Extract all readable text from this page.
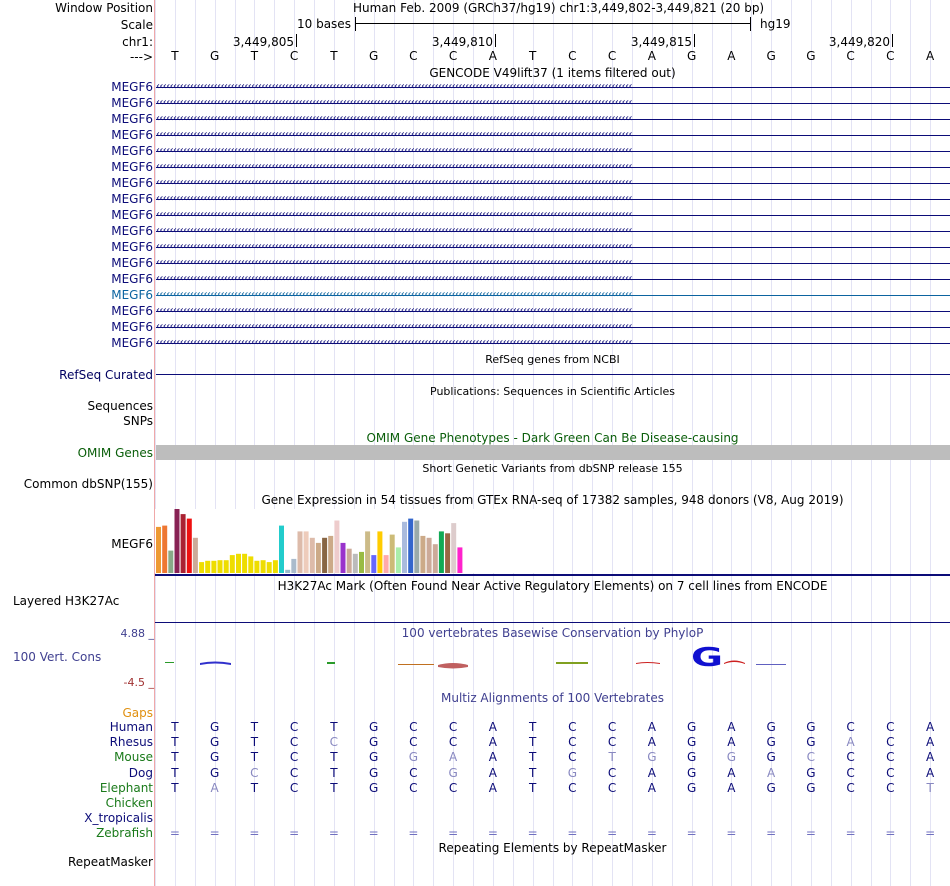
Window Position
Scale
chr1:
--->
Human Feb. 2009 (GRCh37/hg19) chr1:3,449,802-3,449,821 (20 bp)
10 bases	hg19
3,449,805	3,449,810	3,449,815	3,449,820
T	G	T	C	T	G	C	C	A	T	C	C	A	G	A	G	G	C	C	A
GENCODE V49lift37 (1 items filtered out)
MEGF6 ‹‹‹‹‹‹‹‹‹‹‹‹‹‹‹‹‹‹‹‹‹‹‹‹‹‹‹‹‹‹‹‹‹‹‹‹‹‹‹‹‹‹‹‹‹‹‹‹‹‹‹‹‹‹‹‹‹‹‹‹‹‹‹‹‹‹‹‹‹‹‹‹‹‹‹‹‹‹‹‹‹‹‹‹‹‹‹‹‹‹‹‹‹‹‹‹‹‹‹‹‹‹‹‹‹‹‹‹‹‹‹‹‹‹‹‹‹‹‹‹‹‹‹‹‹‹‹‹‹‹‹‹‹‹‹‹‹‹‹‹
MEGF6 ‹‹‹‹‹‹‹‹‹‹‹‹‹‹‹‹‹‹‹‹‹‹‹‹‹‹‹‹‹‹‹‹‹‹‹‹‹‹‹‹‹‹‹‹‹‹‹‹‹‹‹‹‹‹‹‹‹‹‹‹‹‹‹‹‹‹‹‹‹‹‹‹‹‹‹‹‹‹‹‹‹‹‹‹‹‹‹‹‹‹‹‹‹‹‹‹‹‹‹‹‹‹‹‹‹‹‹‹‹‹‹‹‹‹‹‹‹‹‹‹‹‹‹‹‹‹‹‹‹‹‹‹‹‹‹‹‹‹‹‹
MEGF6 ‹‹‹‹‹‹‹‹‹‹‹‹‹‹‹‹‹‹‹‹‹‹‹‹‹‹‹‹‹‹‹‹‹‹‹‹‹‹‹‹‹‹‹‹‹‹‹‹‹‹‹‹‹‹‹‹‹‹‹‹‹‹‹‹‹‹‹‹‹‹‹‹‹‹‹‹‹‹‹‹‹‹‹‹‹‹‹‹‹‹‹‹‹‹‹‹‹‹‹‹‹‹‹‹‹‹‹‹‹‹‹‹‹‹‹‹‹‹‹‹‹‹‹‹‹‹‹‹‹‹‹‹‹‹‹‹‹‹‹‹
MEGF6 ‹‹‹‹‹‹‹‹‹‹‹‹‹‹‹‹‹‹‹‹‹‹‹‹‹‹‹‹‹‹‹‹‹‹‹‹‹‹‹‹‹‹‹‹‹‹‹‹‹‹‹‹‹‹‹‹‹‹‹‹‹‹‹‹‹‹‹‹‹‹‹‹‹‹‹‹‹‹‹‹‹‹‹‹‹‹‹‹‹‹‹‹‹‹‹‹‹‹‹‹‹‹‹‹‹‹‹‹‹‹‹‹‹‹‹‹‹‹‹‹‹‹‹‹‹‹‹‹‹‹‹‹‹‹‹‹‹‹‹‹
MEGF6 ‹‹‹‹‹‹‹‹‹‹‹‹‹‹‹‹‹‹‹‹‹‹‹‹‹‹‹‹‹‹‹‹‹‹‹‹‹‹‹‹‹‹‹‹‹‹‹‹‹‹‹‹‹‹‹‹‹‹‹‹‹‹‹‹‹‹‹‹‹‹‹‹‹‹‹‹‹‹‹‹‹‹‹‹‹‹‹‹‹‹‹‹‹‹‹‹‹‹‹‹‹‹‹‹‹‹‹‹‹‹‹‹‹‹‹‹‹‹‹‹‹‹‹‹‹‹‹‹‹‹‹‹‹‹‹‹‹‹‹‹
MEGF6 ‹‹‹‹‹‹‹‹‹‹‹‹‹‹‹‹‹‹‹‹‹‹‹‹‹‹‹‹‹‹‹‹‹‹‹‹‹‹‹‹‹‹‹‹‹‹‹‹‹‹‹‹‹‹‹‹‹‹‹‹‹‹‹‹‹‹‹‹‹‹‹‹‹‹‹‹‹‹‹‹‹‹‹‹‹‹‹‹‹‹‹‹‹‹‹‹‹‹‹‹‹‹‹‹‹‹‹‹‹‹‹‹‹‹‹‹‹‹‹‹‹‹‹‹‹‹‹‹‹‹‹‹‹‹‹‹‹‹‹‹
MEGF6 ‹‹‹‹‹‹‹‹‹‹‹‹‹‹‹‹‹‹‹‹‹‹‹‹‹‹‹‹‹‹‹‹‹‹‹‹‹‹‹‹‹‹‹‹‹‹‹‹‹‹‹‹‹‹‹‹‹‹‹‹‹‹‹‹‹‹‹‹‹‹‹‹‹‹‹‹‹‹‹‹‹‹‹‹‹‹‹‹‹‹‹‹‹‹‹‹‹‹‹‹‹‹‹‹‹‹‹‹‹‹‹‹‹‹‹‹‹‹‹‹‹‹‹‹‹‹‹‹‹‹‹‹‹‹‹‹‹‹‹‹
MEGF6 ‹‹‹‹‹‹‹‹‹‹‹‹‹‹‹‹‹‹‹‹‹‹‹‹‹‹‹‹‹‹‹‹‹‹‹‹‹‹‹‹‹‹‹‹‹‹‹‹‹‹‹‹‹‹‹‹‹‹‹‹‹‹‹‹‹‹‹‹‹‹‹‹‹‹‹‹‹‹‹‹‹‹‹‹‹‹‹‹‹‹‹‹‹‹‹‹‹‹‹‹‹‹‹‹‹‹‹‹‹‹‹‹‹‹‹‹‹‹‹‹‹‹‹‹‹‹‹‹‹‹‹‹‹‹‹‹‹‹‹‹
MEGF6 ‹‹‹‹‹‹‹‹‹‹‹‹‹‹‹‹‹‹‹‹‹‹‹‹‹‹‹‹‹‹‹‹‹‹‹‹‹‹‹‹‹‹‹‹‹‹‹‹‹‹‹‹‹‹‹‹‹‹‹‹‹‹‹‹‹‹‹‹‹‹‹‹‹‹‹‹‹‹‹‹‹‹‹‹‹‹‹‹‹‹‹‹‹‹‹‹‹‹‹‹‹‹‹‹‹‹‹‹‹‹‹‹‹‹‹‹‹‹‹‹‹‹‹‹‹‹‹‹‹‹‹‹‹‹‹‹‹‹‹‹
MEGF6 ‹‹‹‹‹‹‹‹‹‹‹‹‹‹‹‹‹‹‹‹‹‹‹‹‹‹‹‹‹‹‹‹‹‹‹‹‹‹‹‹‹‹‹‹‹‹‹‹‹‹‹‹‹‹‹‹‹‹‹‹‹‹‹‹‹‹‹‹‹‹‹‹‹‹‹‹‹‹‹‹‹‹‹‹‹‹‹‹‹‹‹‹‹‹‹‹‹‹‹‹‹‹‹‹‹‹‹‹‹‹‹‹‹‹‹‹‹‹‹‹‹‹‹‹‹‹‹‹‹‹‹‹‹‹‹‹‹‹‹‹
MEGF6 ‹‹‹‹‹‹‹‹‹‹‹‹‹‹‹‹‹‹‹‹‹‹‹‹‹‹‹‹‹‹‹‹‹‹‹‹‹‹‹‹‹‹‹‹‹‹‹‹‹‹‹‹‹‹‹‹‹‹‹‹‹‹‹‹‹‹‹‹‹‹‹‹‹‹‹‹‹‹‹‹‹‹‹‹‹‹‹‹‹‹‹‹‹‹‹‹‹‹‹‹‹‹‹‹‹‹‹‹‹‹‹‹‹‹‹‹‹‹‹‹‹‹‹‹‹‹‹‹‹‹‹‹‹‹‹‹‹‹‹‹
MEGF6 ‹‹‹‹‹‹‹‹‹‹‹‹‹‹‹‹‹‹‹‹‹‹‹‹‹‹‹‹‹‹‹‹‹‹‹‹‹‹‹‹‹‹‹‹‹‹‹‹‹‹‹‹‹‹‹‹‹‹‹‹‹‹‹‹‹‹‹‹‹‹‹‹‹‹‹‹‹‹‹‹‹‹‹‹‹‹‹‹‹‹‹‹‹‹‹‹‹‹‹‹‹‹‹‹‹‹‹‹‹‹‹‹‹‹‹‹‹‹‹‹‹‹‹‹‹‹‹‹‹‹‹‹‹‹‹‹‹‹‹‹
MEGF6 ‹‹‹‹‹‹‹‹‹‹‹‹‹‹‹‹‹‹‹‹‹‹‹‹‹‹‹‹‹‹‹‹‹‹‹‹‹‹‹‹‹‹‹‹‹‹‹‹‹‹‹‹‹‹‹‹‹‹‹‹‹‹‹‹‹‹‹‹‹‹‹‹‹‹‹‹‹‹‹‹‹‹‹‹‹‹‹‹‹‹‹‹‹‹‹‹‹‹‹‹‹‹‹‹‹‹‹‹‹‹‹‹‹‹‹‹‹‹‹‹‹‹‹‹‹‹‹‹‹‹‹‹‹‹‹‹‹‹‹‹
MEGF6 ‹‹‹‹‹‹‹‹‹‹‹‹‹‹‹‹‹‹‹‹‹‹‹‹‹‹‹‹‹‹‹‹‹‹‹‹‹‹‹‹‹‹‹‹‹‹‹‹‹‹‹‹‹‹‹‹‹‹‹‹‹‹‹‹‹‹‹‹‹‹‹‹‹‹‹‹‹‹‹‹‹‹‹‹‹‹‹‹‹‹‹‹‹‹‹‹‹‹‹‹‹‹‹‹‹‹‹‹‹‹‹‹‹‹‹‹‹‹‹‹‹‹‹‹‹‹‹‹‹‹‹‹‹‹‹‹‹‹‹‹
MEGF6 ‹‹‹‹‹‹‹‹‹‹‹‹‹‹‹‹‹‹‹‹‹‹‹‹‹‹‹‹‹‹‹‹‹‹‹‹‹‹‹‹‹‹‹‹‹‹‹‹‹‹‹‹‹‹‹‹‹‹‹‹‹‹‹‹‹‹‹‹‹‹‹‹‹‹‹‹‹‹‹‹‹‹‹‹‹‹‹‹‹‹‹‹‹‹‹‹‹‹‹‹‹‹‹‹‹‹‹‹‹‹‹‹‹‹‹‹‹‹‹‹‹‹‹‹‹‹‹‹‹‹‹‹‹‹‹‹‹‹‹‹
MEGF6 ‹‹‹‹‹‹‹‹‹‹‹‹‹‹‹‹‹‹‹‹‹‹‹‹‹‹‹‹‹‹‹‹‹‹‹‹‹‹‹‹‹‹‹‹‹‹‹‹‹‹‹‹‹‹‹‹‹‹‹‹‹‹‹‹‹‹‹‹‹‹‹‹‹‹‹‹‹‹‹‹‹‹‹‹‹‹‹‹‹‹‹‹‹‹‹‹‹‹‹‹‹‹‹‹‹‹‹‹‹‹‹‹‹‹‹‹‹‹‹‹‹‹‹‹‹‹‹‹‹‹‹‹‹‹‹‹‹‹‹‹
MEGF6 ‹‹‹‹‹‹‹‹‹‹‹‹‹‹‹‹‹‹‹‹‹‹‹‹‹‹‹‹‹‹‹‹‹‹‹‹‹‹‹‹‹‹‹‹‹‹‹‹‹‹‹‹‹‹‹‹‹‹‹‹‹‹‹‹‹‹‹‹‹‹‹‹‹‹‹‹‹‹‹‹‹‹‹‹‹‹‹‹‹‹‹‹‹‹‹‹‹‹‹‹‹‹‹‹‹‹‹‹‹‹‹‹‹‹‹‹‹‹‹‹‹‹‹‹‹‹‹‹‹‹‹‹‹‹‹‹‹‹‹‹
RefSeq genes from NCBI
RefSeq Curated
Publications: Sequences in Scientific Articles
Sequences
SNPs
OMIM Gene Phenotypes - Dark Green Can Be Disease-causing
OMIM Genes
Short Genetic Variants from dbSNP release 155
Common dbSNP(155)
Gene Expression in 54 tissues from GTEx RNA-seq of 17382 samples, 948 donors (V8, Aug 2019)
MEGF6
H3K27Ac Mark (Often Found Near Active Regulatory Elements) on 7 cell lines from ENCODE
Layered H3K27Ac
100 vertebrates Basewise Conservation by PhyloP
4.88 _
100 Vert. Cons
-4.5 _
G
Multiz Alignments of 100 Vertebrates
Gaps
Human	T	G	T	C	T	G	C	C	A	T	C	C	A	G	A	G	G	C	C	A
Rhesus	T	G	T	C	C	G	C	C	A	T	C	C	A	G	A	G	G	A	C	A
Mouse	T	G	T	C	T	G	G	A	A	T	C	T	G	G	G	G	C	C	C	A
Dog	T	G	C	C	T	G	C	G	A	T	G	C	A	G	A	A	G	C	C	A
Elephant	T	A	T	C	T	G	C	C	A	T	C	C	A	G	A	G	G	C	C	T
Chicken
X_tropicalis
Zebrafish = = = = = = = = = = = = = = = = = = = =
Repeating Elements by RepeatMasker
RepeatMasker
